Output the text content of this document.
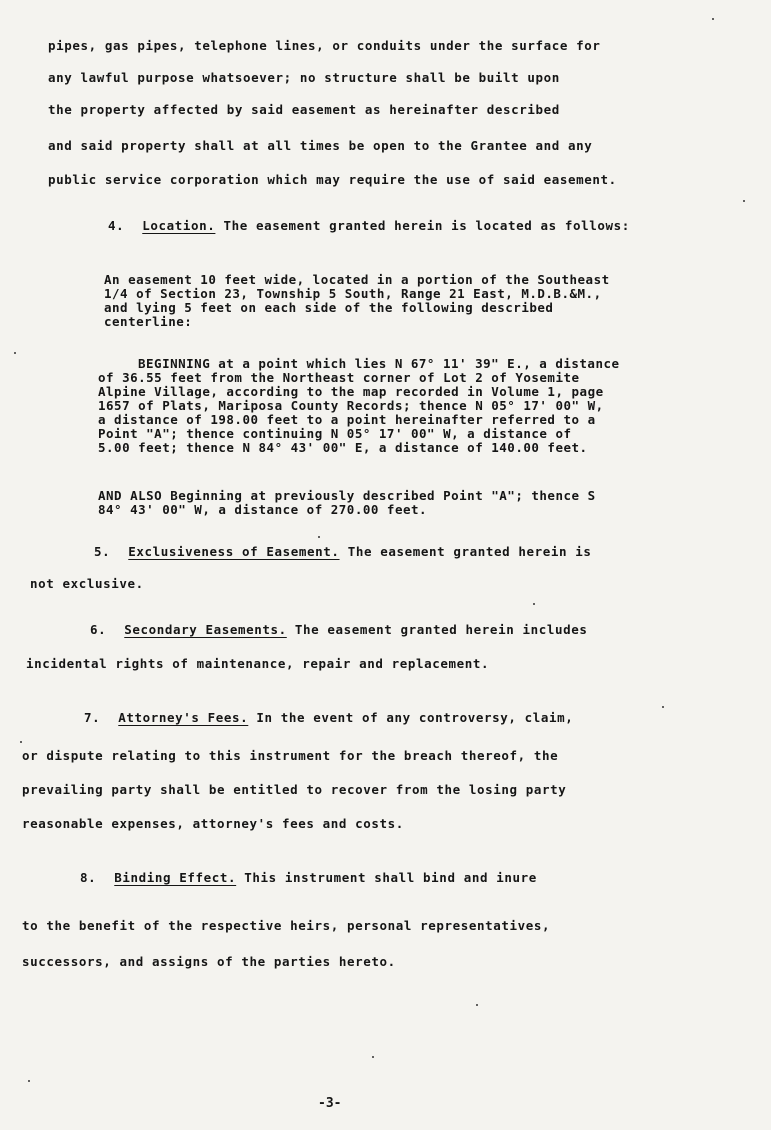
pipes, gas pipes, telephone lines, or conduits under the surface for
any lawful purpose whatsoever; no structure shall be built upon
the property affected by said easement as hereinafter described
and said property shall at all times be open to the Grantee and any
public service corporation which may require the use of said easement.
4. Location. The easement granted herein is located as follows:
An easement 10 feet wide, located in a portion of the Southeast
1/4 of Section 23, Township 5 South, Range 21 East, M.D.B.&M.,
and lying 5 feet on each side of the following described
centerline:
BEGINNING at a point which lies N 67° 11' 39" E., a distance
of 36.55 feet from the Northeast corner of Lot 2 of Yosemite
Alpine Village, according to the map recorded in Volume 1, page
1657 of Plats, Mariposa County Records; thence N 05° 17' 00" W,
a distance of 198.00 feet to a point hereinafter referred to a
Point "A"; thence continuing N 05° 17' 00" W, a distance of
5.00 feet; thence N 84° 43' 00" E, a distance of 140.00 feet.
AND ALSO Beginning at previously described Point "A"; thence S
84° 43' 00" W, a distance of 270.00 feet.
5. Exclusiveness of Easement. The easement granted herein is
not exclusive.
6. Secondary Easements. The easement granted herein includes
incidental rights of maintenance, repair and replacement.
7. Attorney's Fees. In the event of any controversy, claim,
or dispute relating to this instrument for the breach thereof, the
prevailing party shall be entitled to recover from the losing party
reasonable expenses, attorney's fees and costs.
8. Binding Effect. This instrument shall bind and inure
to the benefit of the respective heirs, personal representatives,
successors, and assigns of the parties hereto.
-3-
